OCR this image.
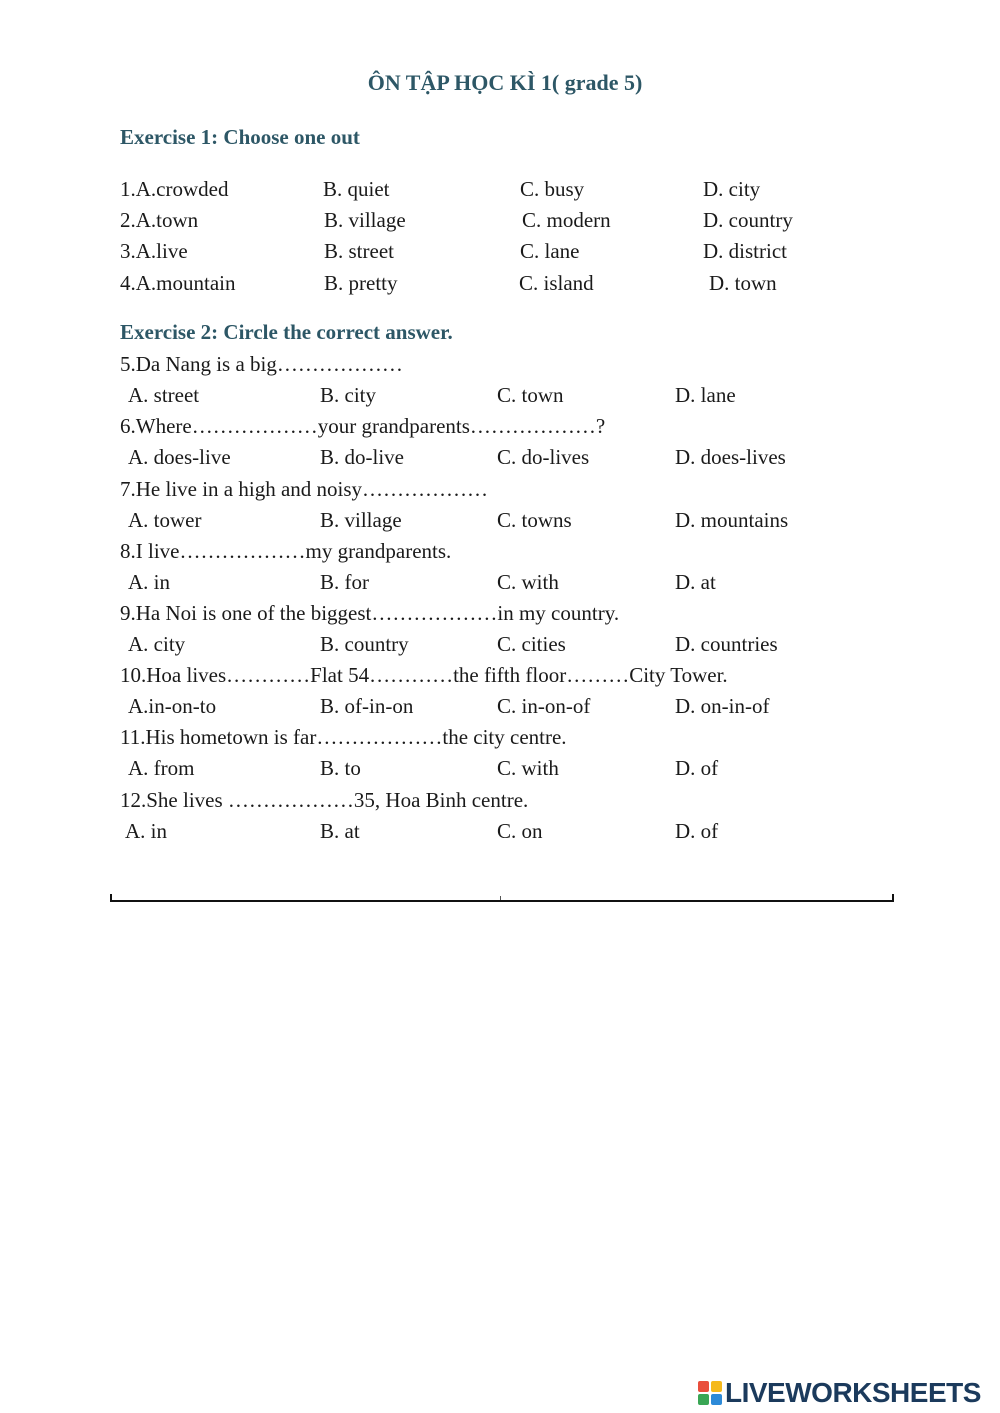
ÔN TẬP HỌC KÌ 1( grade 5)
Exercise 1: Choose one out
1.A.crowded	B. quiet	C. busy	D. city
2.A.town	B. village	C. modern	D. country
3.A.live	B. street	C. lane	D. district
4.A.mountain	B. pretty	C. island	D. town
Exercise 2: Circle the correct answer.
5.Da Nang is a big………………
A. street	B. city	C. town	D. lane
6.Where………………your grandparents………………?
A. does-live	B. do-live	C. do-lives	D. does-lives
7.He live in a high and noisy………………
A. tower	B. village	C. towns	D. mountains
8.I live………………my grandparents.
A. in	B. for	C. with	D. at
9.Ha Noi is one of the biggest………………in my country.
A. city	B. country	C. cities	D. countries
10.Hoa lives…………Flat 54…………the fifth floor………City Tower.
A.in-on-to	B. of-in-on	C. in-on-of	D. on-in-of
11.His hometown is far………………the city centre.
A. from	B. to	C. with	D. of
12.She lives ………………35, Hoa Binh centre.
A. in	B. at	C. on	D. of
LIVEWORKSHEETS
